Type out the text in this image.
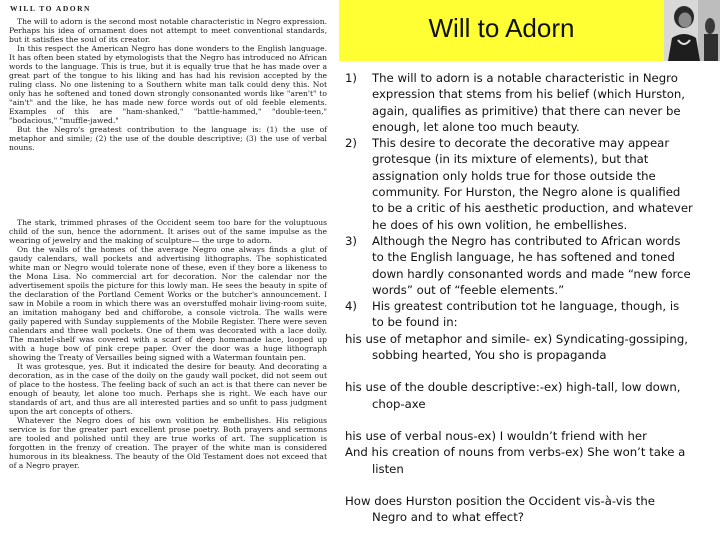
WILL TO ADORN

The will to adorn is the second most notable characteristic in Negro expression. Perhaps his idea of ornament does not attempt to meet conventional standards, but it satisfies the soul of its creator.

In this respect the American Negro has done wonders to the English language. It has often been stated by etymologists that the Negro has introduced no African words to the language. This is true, but it is equally true that he has made over a great part of the tongue to his liking and has had his revision accepted by the ruling class. No one listening to a Southern white man talk could deny this. Not only has he softened and toned down strongly consonanted words like "aren't" to "ain't" and the like, he has made new force words out of old feeble elements. Examples of this are "ham-shanked," "battle-hammed," "double-teen," "bodacious," "muffle-jawed."

But the Negro's greatest contribution to the language is: (1) the use of metaphor and simile; (2) the use of the double descriptive; (3) the use of verbal nouns.

The stark, trimmed phrases of the Occident seem too bare for the voluptuous child of the sun, hence the adornment. It arises out of the same impulse as the wearing of jewelry and the making of sculpture— the urge to adorn.

On the walls of the homes of the average Negro one always finds a glut of gaudy calendars, wall pockets and advertising lithographs. The sophisticated white man or Negro would tolerate none of these, even if they bore a likeness to the Mona Lisa. No commercial art for decoration. Nor the calendar nor the advertisement spoils the picture for this lowly man. He sees the beauty in spite of the declaration of the Portland Cement Works or the butcher's announcement. I saw in Mobile a room in which there was an overstuffed mohair living-room suite, an imitation mahogany bed and chifforobe, a console victrola. The walls were gaily papered with Sunday supplements of the Mobile Register. There were seven calendars and three wall pockets. One of them was decorated with a lace doily. The mantel-shelf was covered with a scarf of deep homemade lace, looped up with a huge bow of pink crepe paper. Over the door was a huge lithograph showing the Treaty of Versailles being signed with a Waterman fountain pen.

It was grotesque, yes. But it indicated the desire for beauty. And decorating a decoration, as in the case of the doily on the gaudy wall pocket, did not seem out of place to the hostess. The feeling back of such an act is that there can never be enough of beauty, let alone too much. Perhaps she is right. We each have our standards of art, and thus are all interested parties and so unfit to pass judgment upon the art concepts of others.

Whatever the Negro does of his own volition he embellishes. His religious service is for the greater part excellent prose poetry. Both prayers and sermons are tooled and polished until they are true works of art. The supplication is forgotten in the frenzy of creation. The prayer of the white man is considered humorous in its bleakness. The beauty of the Old Testament does not exceed that of a Negro prayer.

Will to Adorn
1) The will to adorn is a notable characteristic in Negro expression that stems from his belief (which Hurston, again, qualifies as primitive) that there can never be enough, let alone too much beauty.
2) This desire to decorate the decorative may appear grotesque (in its mixture of elements), but that assignation only holds true for those outside the community. For Hurston, the Negro alone is qualified to be a critic of his aesthetic production, and whatever he does of his own volition, he embellishes.
3) Although the Negro has contributed to African words to the English language, he has softened and toned down hardly consonanted words and made “new force words” out of “feeble elements.”
4) His greatest contribution tot he language, though, is to be found in:
his use of metaphor and simile- ex) Syndicating-gossiping, sobbing hearted, You sho is propaganda
his use of the double descriptive:-ex) high-tall, low down, chop-axe
his use of verbal nous-ex) I wouldn’t friend with her
And his creation of nouns from verbs-ex) She won’t take a listen
How does Hurston position the Occident vis-à-vis the Negro and to what effect?
